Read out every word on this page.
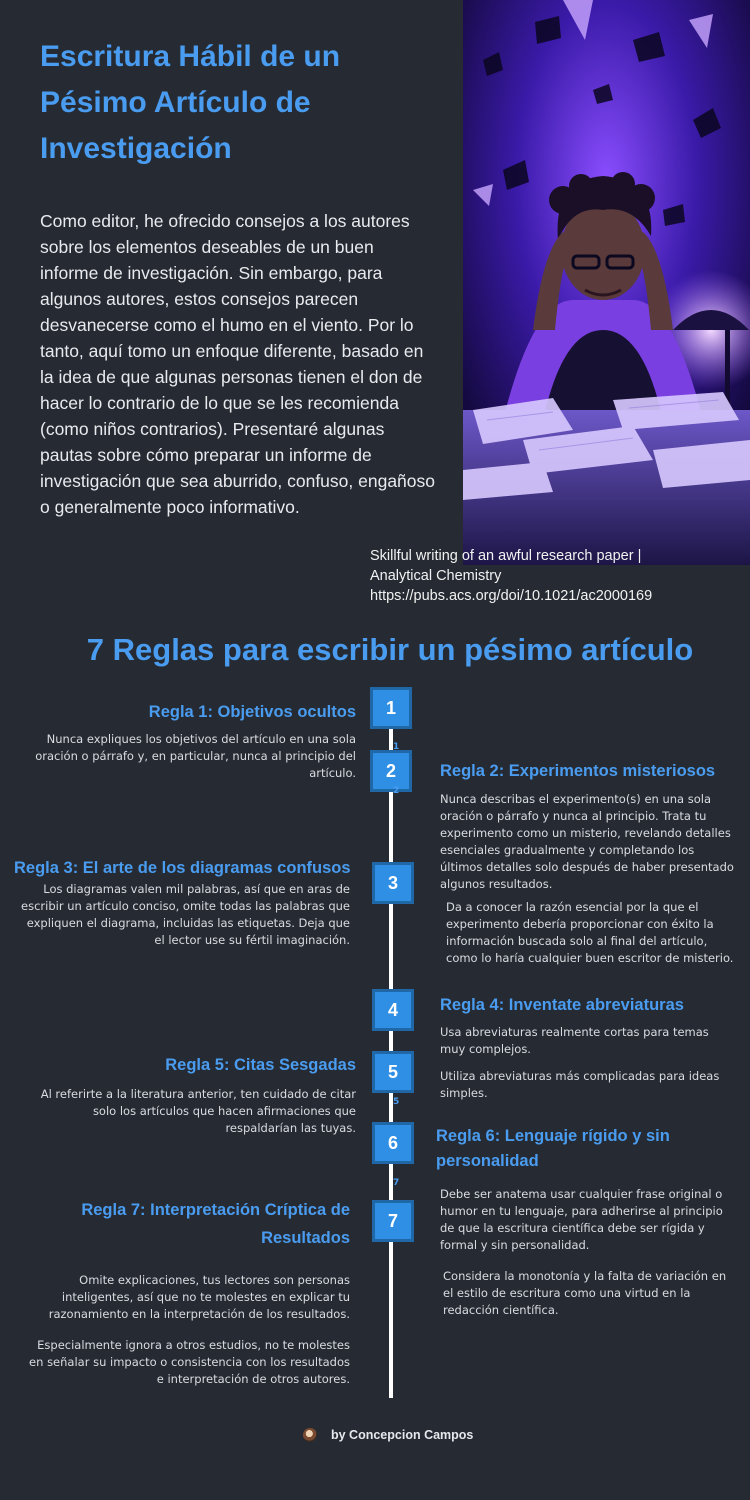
Escritura Hábil de un Pésimo Artículo de Investigación
Como editor, he ofrecido consejos a los autores sobre los elementos deseables de un buen informe de investigación. Sin embargo, para algunos autores, estos consejos parecen desvanecerse como el humo en el viento. Por lo tanto, aquí tomo un enfoque diferente, basado en la idea de que algunas personas tienen el don de hacer lo contrario de lo que se les recomienda (como niños contrarios). Presentaré algunas pautas sobre cómo preparar un informe de investigación que sea aburrido, confuso, engañoso o generalmente poco informativo.
Skillful writing of an awful research paper |
Analytical Chemistry
https://pubs.acs.org/doi/10.1021/ac2000169
7 Reglas para escribir un pésimo artículo
1
2
3
4
5
6
7
1
2
5
7
Regla 1: Objetivos ocultos
Nunca expliques los objetivos del artículo en una sola oración o párrafo y, en particular, nunca al principio del artículo.	Regla 2: Experimentos misteriosos
Nunca describas el experimento(s) en una sola oración o párrafo y nunca al principio. Trata tu experimento como un misterio, revelando detalles esenciales gradualmente y completando los últimos detalles solo después de haber presentado algunos resultados.
Da a conocer la razón esencial por la que el experimento debería proporcionar con éxito la información buscada solo al final del artículo, como lo haría cualquier buen escritor de misterio.
Regla 3: El arte de los diagramas confusos
Los diagramas valen mil palabras, así que en aras de escribir un artículo conciso, omite todas las palabras que expliquen el diagrama, incluidas las etiquetas. Deja que el lector use su fértil imaginación.
Regla 4: Inventate abreviaturas
Usa abreviaturas realmente cortas para temas muy complejos.
Utiliza abreviaturas más complicadas para ideas simples.
Regla 5: Citas Sesgadas
Al referirte a la literatura anterior, ten cuidado de citar solo los artículos que hacen afirmaciones que respaldarían las tuyas.	Regla 6: Lenguaje rígido y sin personalidad
Debe ser anatema usar cualquier frase original o humor en tu lenguaje, para adherirse al principio de que la escritura científica debe ser rígida y formal y sin personalidad.
Considera la monotonía y la falta de variación en el estilo de escritura como una virtud en la redacción científica.
Regla 7: Interpretación Críptica de Resultados
Omite explicaciones, tus lectores son personas inteligentes, así que no te molestes en explicar tu razonamiento en la interpretación de los resultados.
Especialmente ignora a otros estudios, no te molestes en señalar su impacto o consistencia con los resultados e interpretación de otros autores.
by Concepcion Campos
